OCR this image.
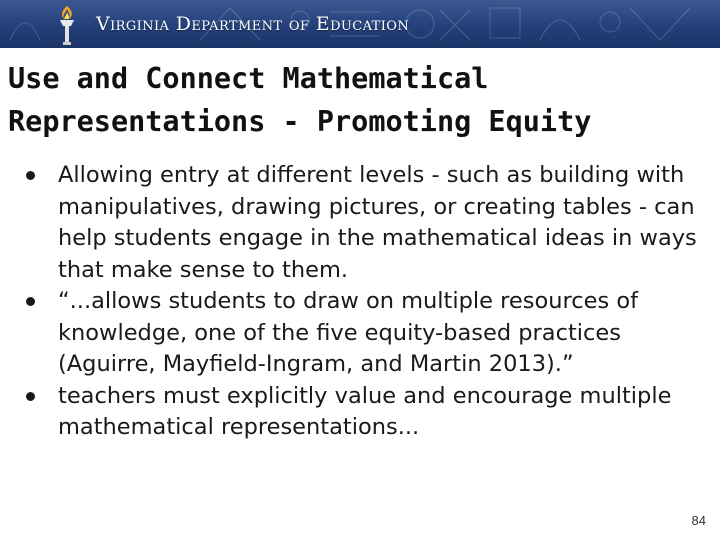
Virginia Department of Education
Use and Connect Mathematical Representations - Promoting Equity
Allowing entry at different levels - such as building with manipulatives, drawing pictures, or creating tables - can help students engage in the mathematical ideas in ways that make sense to them.
“...allows students to draw on multiple resources of knowledge, one of the five equity-based practices (Aguirre, Mayfield-Ingram, and Martin 2013).”
teachers must explicitly value and encourage multiple mathematical representations...
84
